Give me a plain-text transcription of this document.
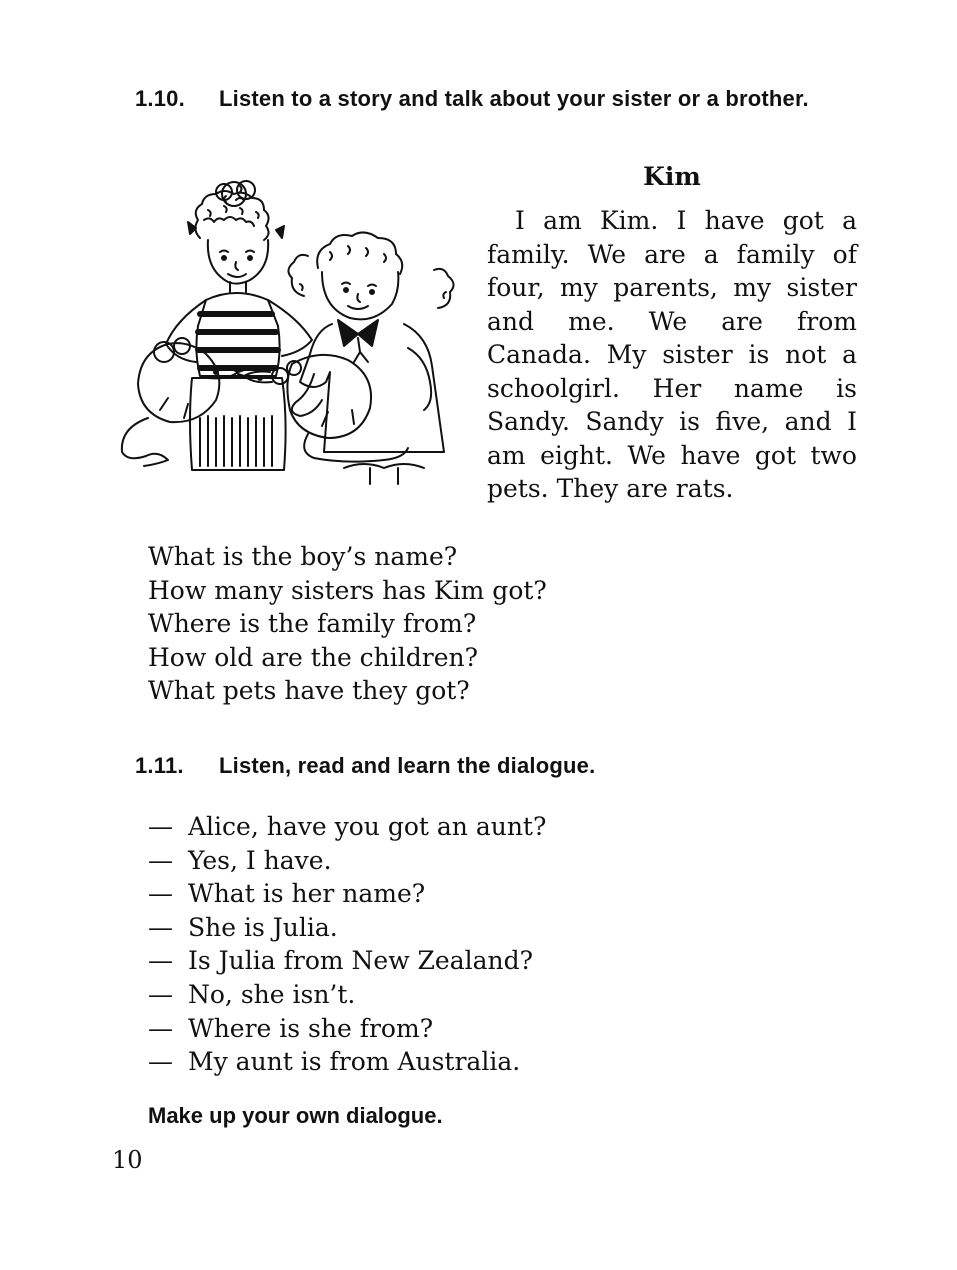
1.10.	Listen to a story and talk about your sister or a brother.
Kim

I am Kim. I have got a family. We are a family of four, my parents, my sister and me. We are from Canada. My sister is not a schoolgirl. Her name is Sandy. Sandy is five, and I am eight. We have got two pets. They are rats.

What is the boy’s name?
How many sisters has Kim got?
Where is the family from?
How old are the children?
What pets have they got?
1.11.	Listen, read and learn the dialogue.
— Alice, have you got an aunt?
— Yes, I have.
— What is her name?
— She is Julia.
— Is Julia from New Zealand?
— No, she isn’t.
— Where is she from?
— My aunt is from Australia.
Make up your own dialogue.
10
